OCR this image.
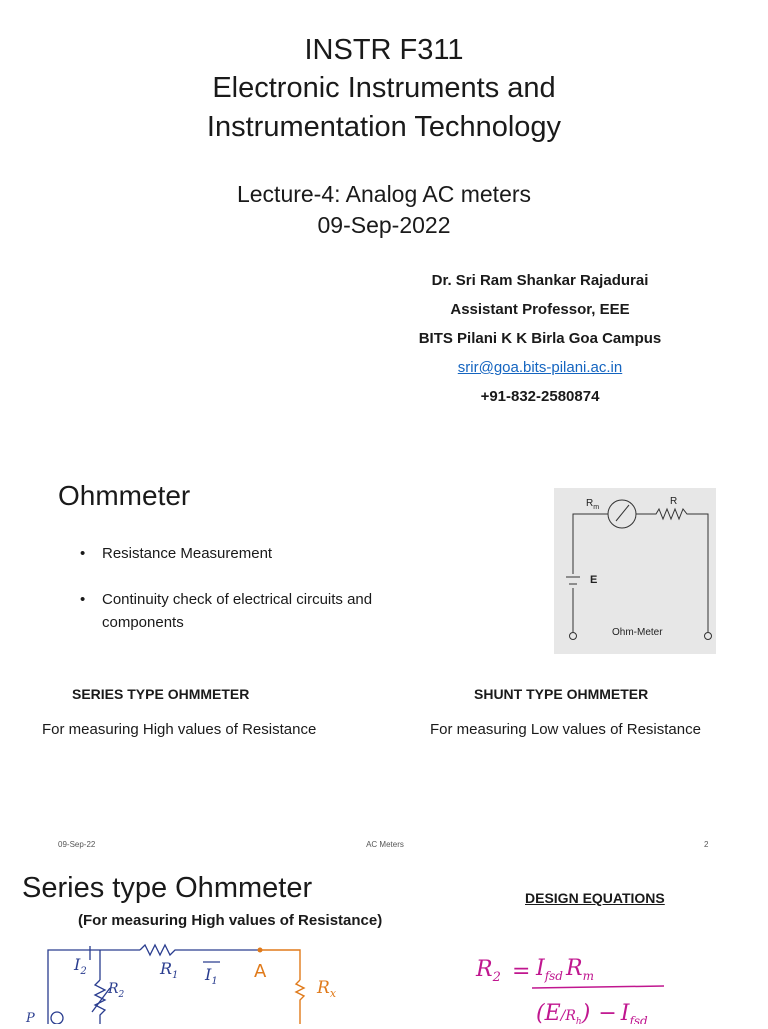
INSTR F311
Electronic Instruments and
Instrumentation Technology
Lecture-4: Analog AC meters
09-Sep-2022
Dr. Sri Ram Shankar Rajadurai
Assistant Professor, EEE
BITS Pilani K K Birla Goa Campus
srir@goa.bits-pilani.ac.in
+91-832-2580874
Ohmmeter
• Resistance Measurement
• Continuity check of electrical circuits and components
$R_m$
R
E
Ohm-Meter
SERIES TYPE OHMMETER
For measuring High values of Resistance
SHUNT TYPE OHMMETER
For measuring Low values of Resistance
09-Sep-22	AC Meters	2
Series type Ohmmeter
(For measuring High values of Resistance)
DESIGN EQUATIONS
$R_1$ $I_1$
$I_2$
$R_2$
A
$R_x$
P
$R_2 = I_{fsd}$ $R_m$
$(E/Rh) - I_{fsd}$
